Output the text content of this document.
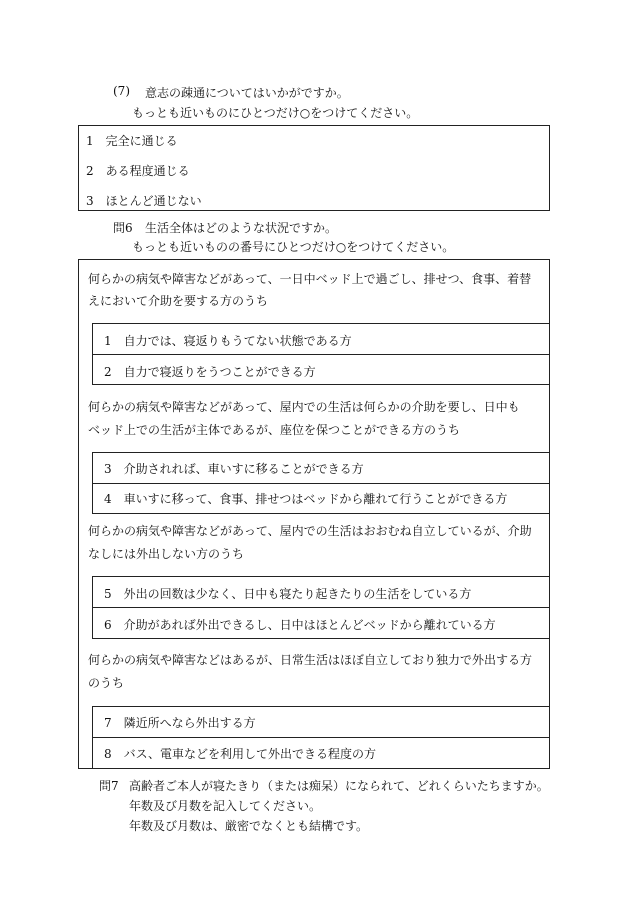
(7) 意志の疎通についてはいかがですか。
もっとも近いものにひとつだけ○をつけてください。
1　完全に通じる
2　ある程度通じる
3　ほとんど通じない
問6 生活全体はどのような状況ですか。
もっとも近いものの番号にひとつだけ○をつけてください。
何らかの病気や障害などがあって、一日中ベッド上で過ごし、排せつ、食事、着替
えにおいて介助を要する方のうち
1　自力では、寝返りもうてない状態である方
2　自力で寝返りをうつことができる方
何らかの病気や障害などがあって、屋内での生活は何らかの介助を要し、日中も
ベッド上での生活が主体であるが、座位を保つことができる方のうち
3　介助されれば、車いすに移ることができる方
4　車いすに移って、食事、排せつはベッドから離れて行うことができる方
何らかの病気や障害などがあって、屋内での生活はおおむね自立しているが、介助
なしには外出しない方のうち
5　外出の回数は少なく、日中も寝たり起きたりの生活をしている方
6　介助があれば外出できるし、日中はほとんどベッドから離れている方
何らかの病気や障害などはあるが、日常生活はほぼ自立しており独力で外出する方
のうち
7　隣近所へなら外出する方
8　バス、電車などを利用して外出できる程度の方
問7 高齢者ご本人が寝たきり（または痴呆）になられて、どれくらいたちますか。
年数及び月数を記入してください。
年数及び月数は、厳密でなくとも結構です。
